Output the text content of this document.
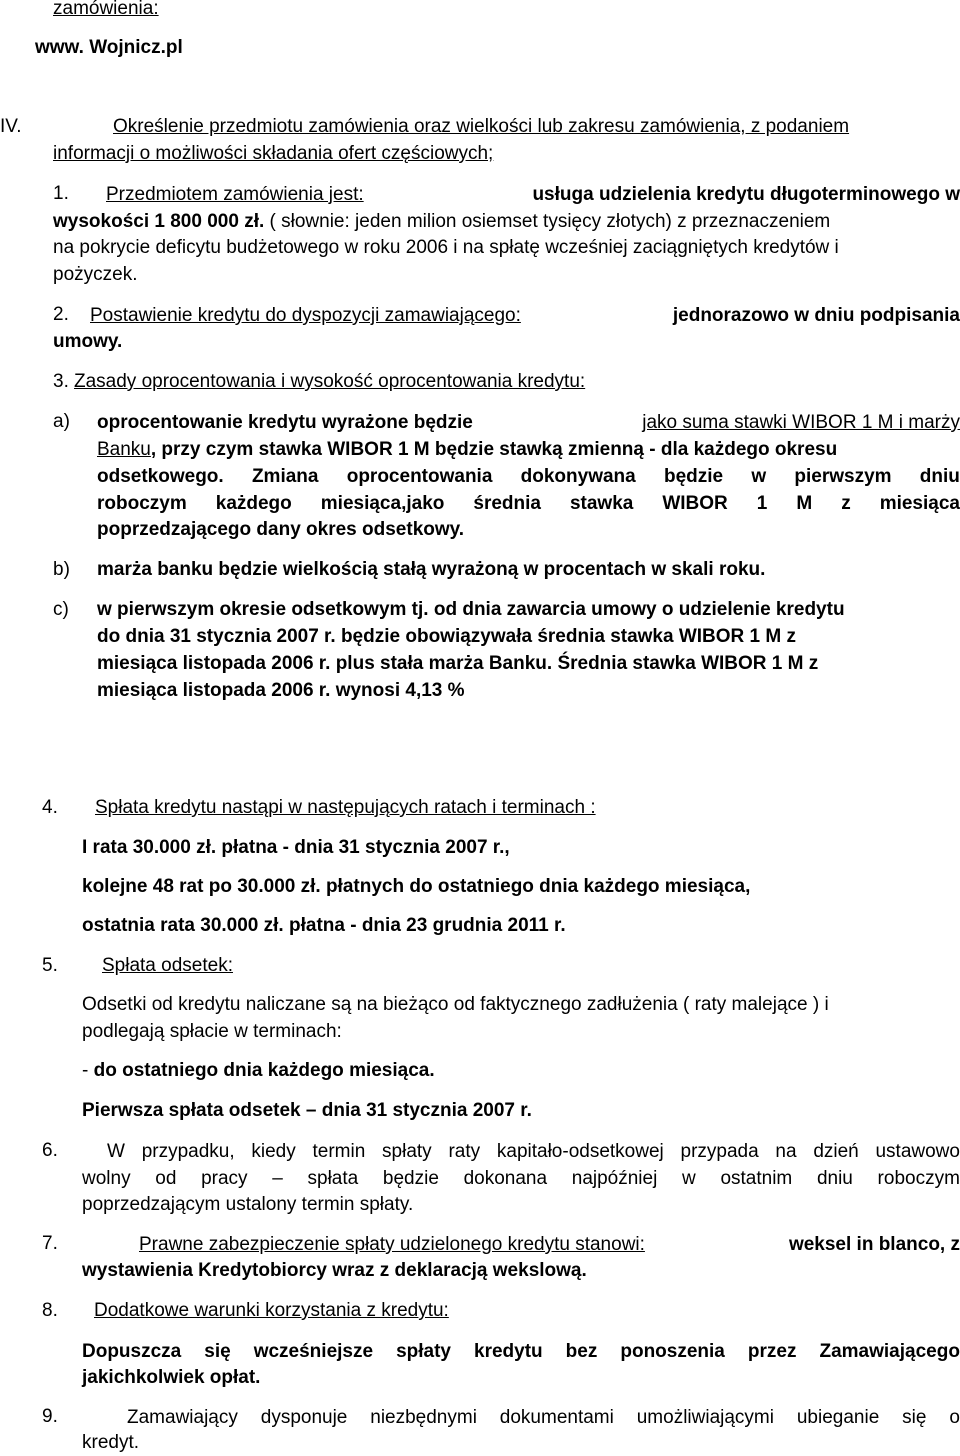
zamówienia:
www. Wojnicz.pl
IV.	Określenie przedmiotu zamówienia oraz wielkości lub zakresu zamówienia, z podaniem
informacji o możliwości składania ofert częściowych;
1. Przedmiotem zamówienia jest:	usługa udzielenia kredytu długoterminowego w
wysokości 1 800 000 zł. ( słownie: jeden milion osiemset tysięcy złotych) z przeznaczeniem
na pokrycie deficytu budżetowego w roku 2006 i na spłatę wcześniej zaciągniętych kredytów i
pożyczek.
2. Postawienie kredytu do dyspozycji zamawiającego:	jednorazowo w dniu podpisania
umowy.
3. Zasady oprocentowania i wysokość oprocentowania kredytu:
a) oprocentowanie kredytu wyrażone będzie	jako suma stawki WIBOR 1 M i marży
Banku, przy czym stawka WIBOR 1 M będzie stawką zmienną - dla każdego okresu
odsetkowego. Zmiana oprocentowania dokonywana będzie w pierwszym dniu
roboczym każdego miesiąca,jako średnia stawka WIBOR 1 M z miesiąca
poprzedzającego dany okres odsetkowy.
b) marża banku będzie wielkością stałą wyrażoną w procentach w skali roku.
c) w pierwszym okresie odsetkowym tj. od dnia zawarcia umowy o udzielenie kredytu
do dnia 31 stycznia 2007 r. będzie obowiązywała średnia stawka WIBOR 1 M z
miesiąca listopada 2006 r. plus stała marża Banku. Średnia stawka WIBOR 1 M z
miesiąca listopada 2006 r. wynosi 4,13 %
4. Spłata kredytu nastąpi w następujących ratach i terminach :
I rata 30.000 zł. płatna - dnia 31 stycznia 2007 r.,
kolejne 48 rat po 30.000 zł. płatnych do ostatniego dnia każdego miesiąca,
ostatnia rata 30.000 zł. płatna - dnia 23 grudnia 2011 r.
5.	Spłata odsetek:
Odsetki od kredytu naliczane są na bieżąco od faktycznego zadłużenia ( raty malejące ) i
podlegają spłacie w terminach:
- do ostatniego dnia każdego miesiąca.
Pierwsza spłata odsetek – dnia 31 stycznia 2007 r.
6.	W przypadku, kiedy termin spłaty raty kapitało-odsetkowej przypada na dzień ustawowo
wolny od pracy – spłata będzie dokonana najpóźniej w ostatnim dniu roboczym
poprzedzającym ustalony termin spłaty.
7.	Prawne zabezpieczenie spłaty udzielonego kredytu stanowi:	weksel in blanco, z
wystawienia Kredytobiorcy wraz z deklaracją wekslową.
8. Dodatkowe warunki korzystania z kredytu:
Dopuszcza się wcześniejsze spłaty kredytu bez ponoszenia przez Zamawiającego
jakichkolwiek opłat.
9.	Zamawiający dysponuje niezbędnymi dokumentami umożliwiającymi ubieganie się o
kredyt.
